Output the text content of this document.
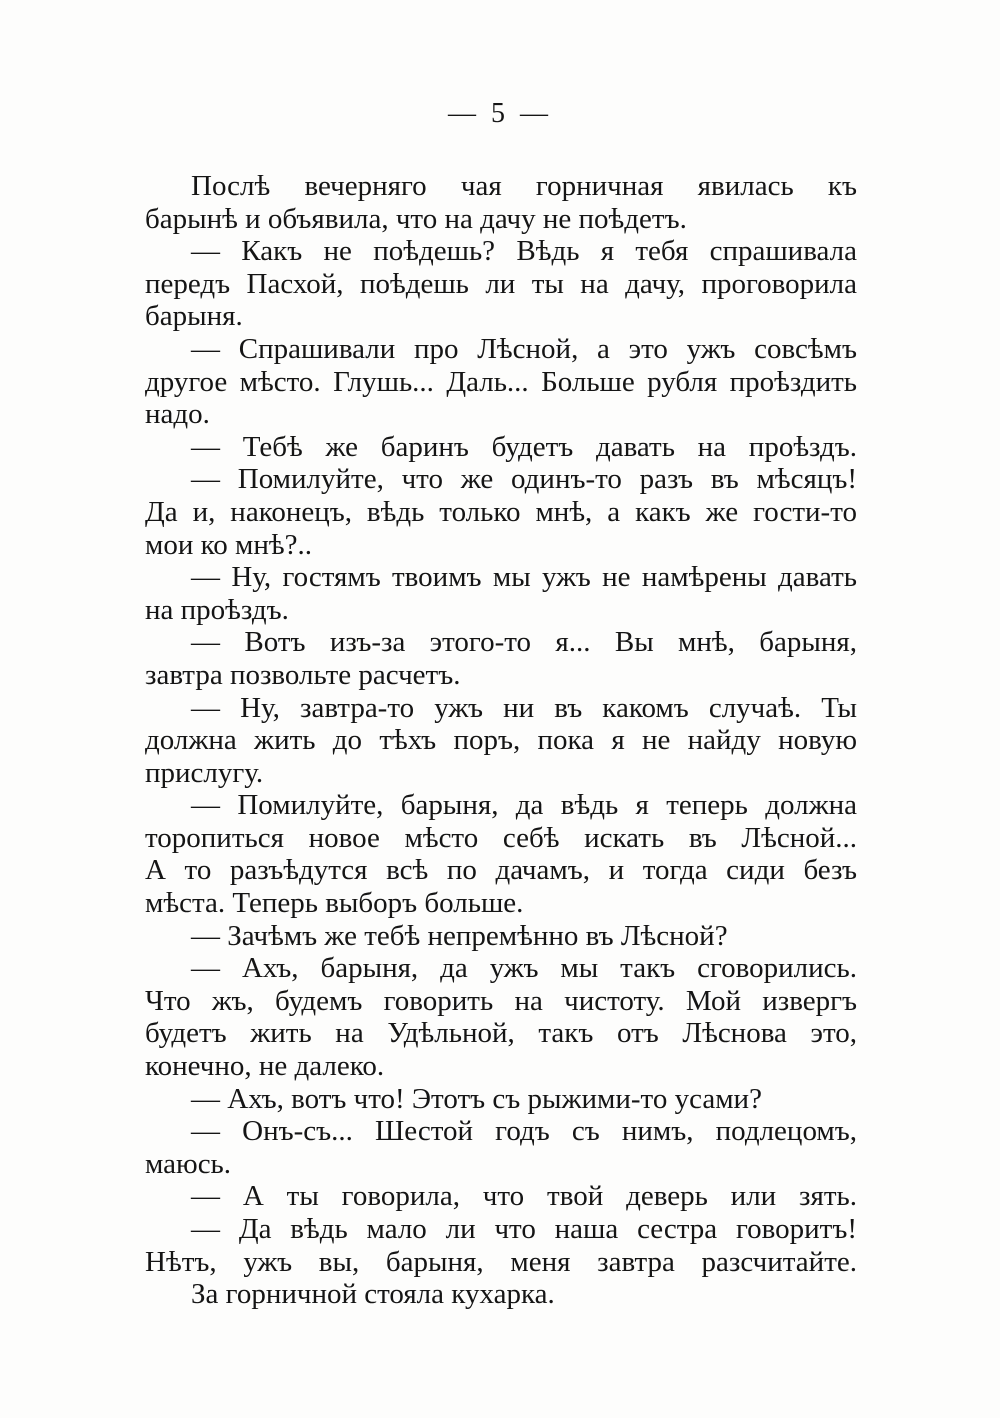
— 5 —
Послѣ вечерняго чая горничная явилась къ
барынѣ и объявила, что на дачу не поѣдетъ.
— Какъ не поѣдешь? Вѣдь я тебя спрашивала
передъ Пасхой, поѣдешь ли ты на дачу, проговорила
барыня.
— Спрашивали про Лѣсной, а это ужъ совсѣмъ
другое мѣсто. Глушь... Даль... Больше рубля проѣздить
надо.
— Тебѣ же баринъ будетъ давать на проѣздъ.
— Помилуйте, что же одинъ-то разъ въ мѣсяцъ!
Да и, наконецъ, вѣдь только мнѣ, а какъ же гости-то
мои ко мнѣ?..
— Ну, гостямъ твоимъ мы ужъ не намѣрены давать
на проѣздъ.
— Вотъ изъ-за этого-то я... Вы мнѣ, барыня,
завтра позвольте расчетъ.
— Ну, завтра-то ужъ ни въ какомъ случаѣ. Ты
должна жить до тѣхъ поръ, пока я не найду новую
прислугу.
— Помилуйте, барыня, да вѣдь я теперь должна
торопиться новое мѣсто себѣ искать въ Лѣсной...
А то разъѣдутся всѣ по дачамъ, и тогда сиди безъ
мѣста. Теперь выборъ больше.
— Зачѣмъ же тебѣ непремѣнно въ Лѣсной?
— Ахъ, барыня, да ужъ мы такъ сговорились.
Что жъ, будемъ говорить на чистоту. Мой извергъ
будетъ жить на Удѣльной, такъ отъ Лѣснова это,
конечно, не далеко.
— Ахъ, вотъ что! Этотъ съ рыжими-то усами?
— Онъ-съ... Шестой годъ съ нимъ, подлецомъ,
маюсь.
— А ты говорила, что твой деверь или зять.
— Да вѣдь мало ли что наша сестра говоритъ!
Нѣтъ, ужъ вы, барыня, меня завтра разсчитайте.
За горничной стояла кухарка.
